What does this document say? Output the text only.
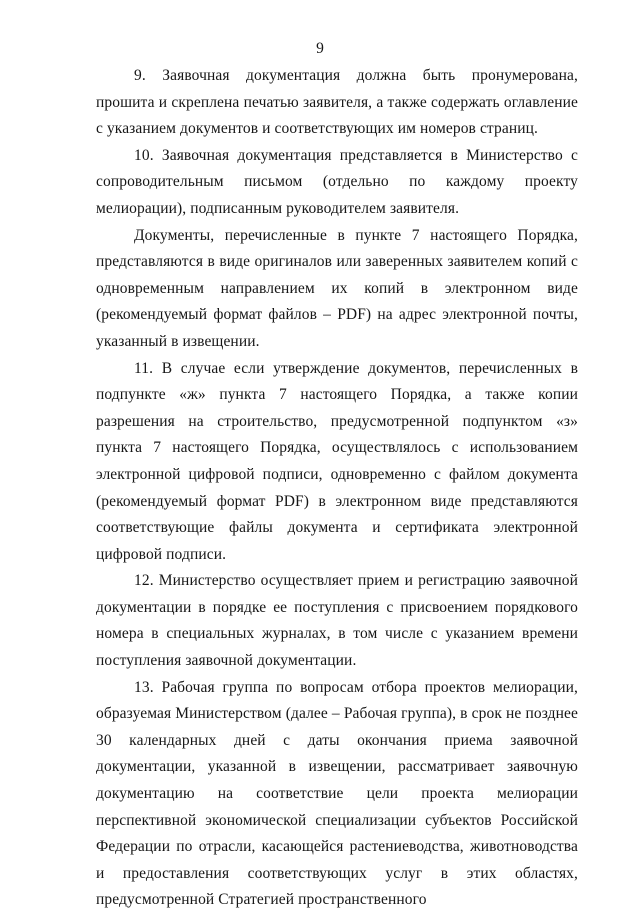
9

9. Заявочная документация должна быть пронумерована, прошита и скреплена печатью заявителя, а также содержать оглавление с указанием документов и соответствующих им номеров страниц.

10. Заявочная документация представляется в Министерство с сопроводительным письмом (отдельно по каждому проекту мелиорации), подписанным руководителем заявителя.

Документы, перечисленные в пункте 7 настоящего Порядка, представляются в виде оригиналов или заверенных заявителем копий с одновременным направлением их копий в электронном виде (рекомендуемый формат файлов – PDF) на адрес электронной почты, указанный в извещении.

11. В случае если утверждение документов, перечисленных в подпункте «ж» пункта 7 настоящего Порядка, а также копии разрешения на строительство, предусмотренной подпунктом «з» пункта 7 настоящего Порядка, осуществлялось с использованием электронной цифровой подписи, одновременно с файлом документа (рекомендуемый формат PDF) в электронном виде представляются соответствующие файлы документа и сертификата электронной цифровой подписи.

12. Министерство осуществляет прием и регистрацию заявочной документации в порядке ее поступления с присвоением порядкового номера в специальных журналах, в том числе с указанием времени поступления заявочной документации.

13. Рабочая группа по вопросам отбора проектов мелиорации, образуемая Министерством (далее – Рабочая группа), в срок не позднее 30 календарных дней с даты окончания приема заявочной документации, указанной в извещении, рассматривает заявочную документацию на соответствие цели проекта мелиорации перспективной экономической специализации субъектов Российской Федерации по отрасли, касающейся растениеводства, животноводства и предоставления соответствующих услуг в этих областях, предусмотренной Стратегией пространственного
